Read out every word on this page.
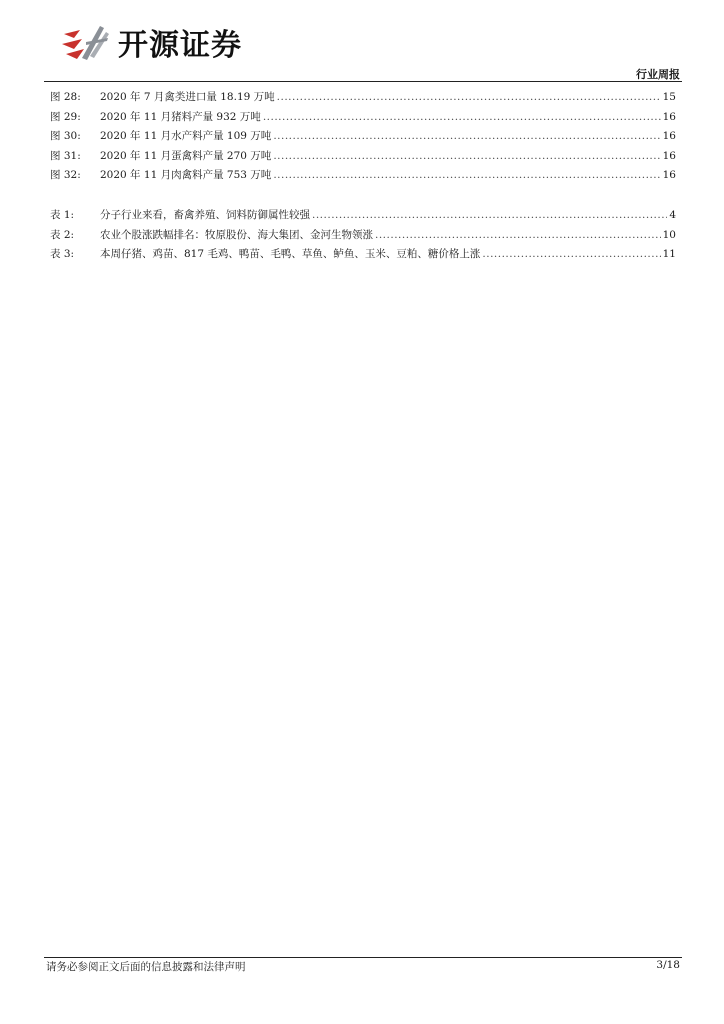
开源证券
行业周报
图 28:	2020 年 7 月禽类进口量 18.19 万吨 .....	15
图 29:	2020 年 11 月猪料产量 932 万吨 .....	16
图 30:	2020 年 11 月水产料产量 109 万吨 .....	16
图 31:	2020 年 11 月蛋禽料产量 270 万吨 .....	16
图 32:	2020 年 11 月肉禽料产量 753 万吨 .....	16
表 1:	分子行业来看，畜禽养殖、饲料防御属性较强 .....	4
表 2:	农业个股涨跌幅排名：牧原股份、海大集团、金河生物领涨 .....	10
表 3:	本周仔猪、鸡苗、817 毛鸡、鸭苗、毛鸭、草鱼、鲈鱼、玉米、豆粕、糖价格上涨 .....	11
请务必参阅正文后面的信息披露和法律声明	3/18
